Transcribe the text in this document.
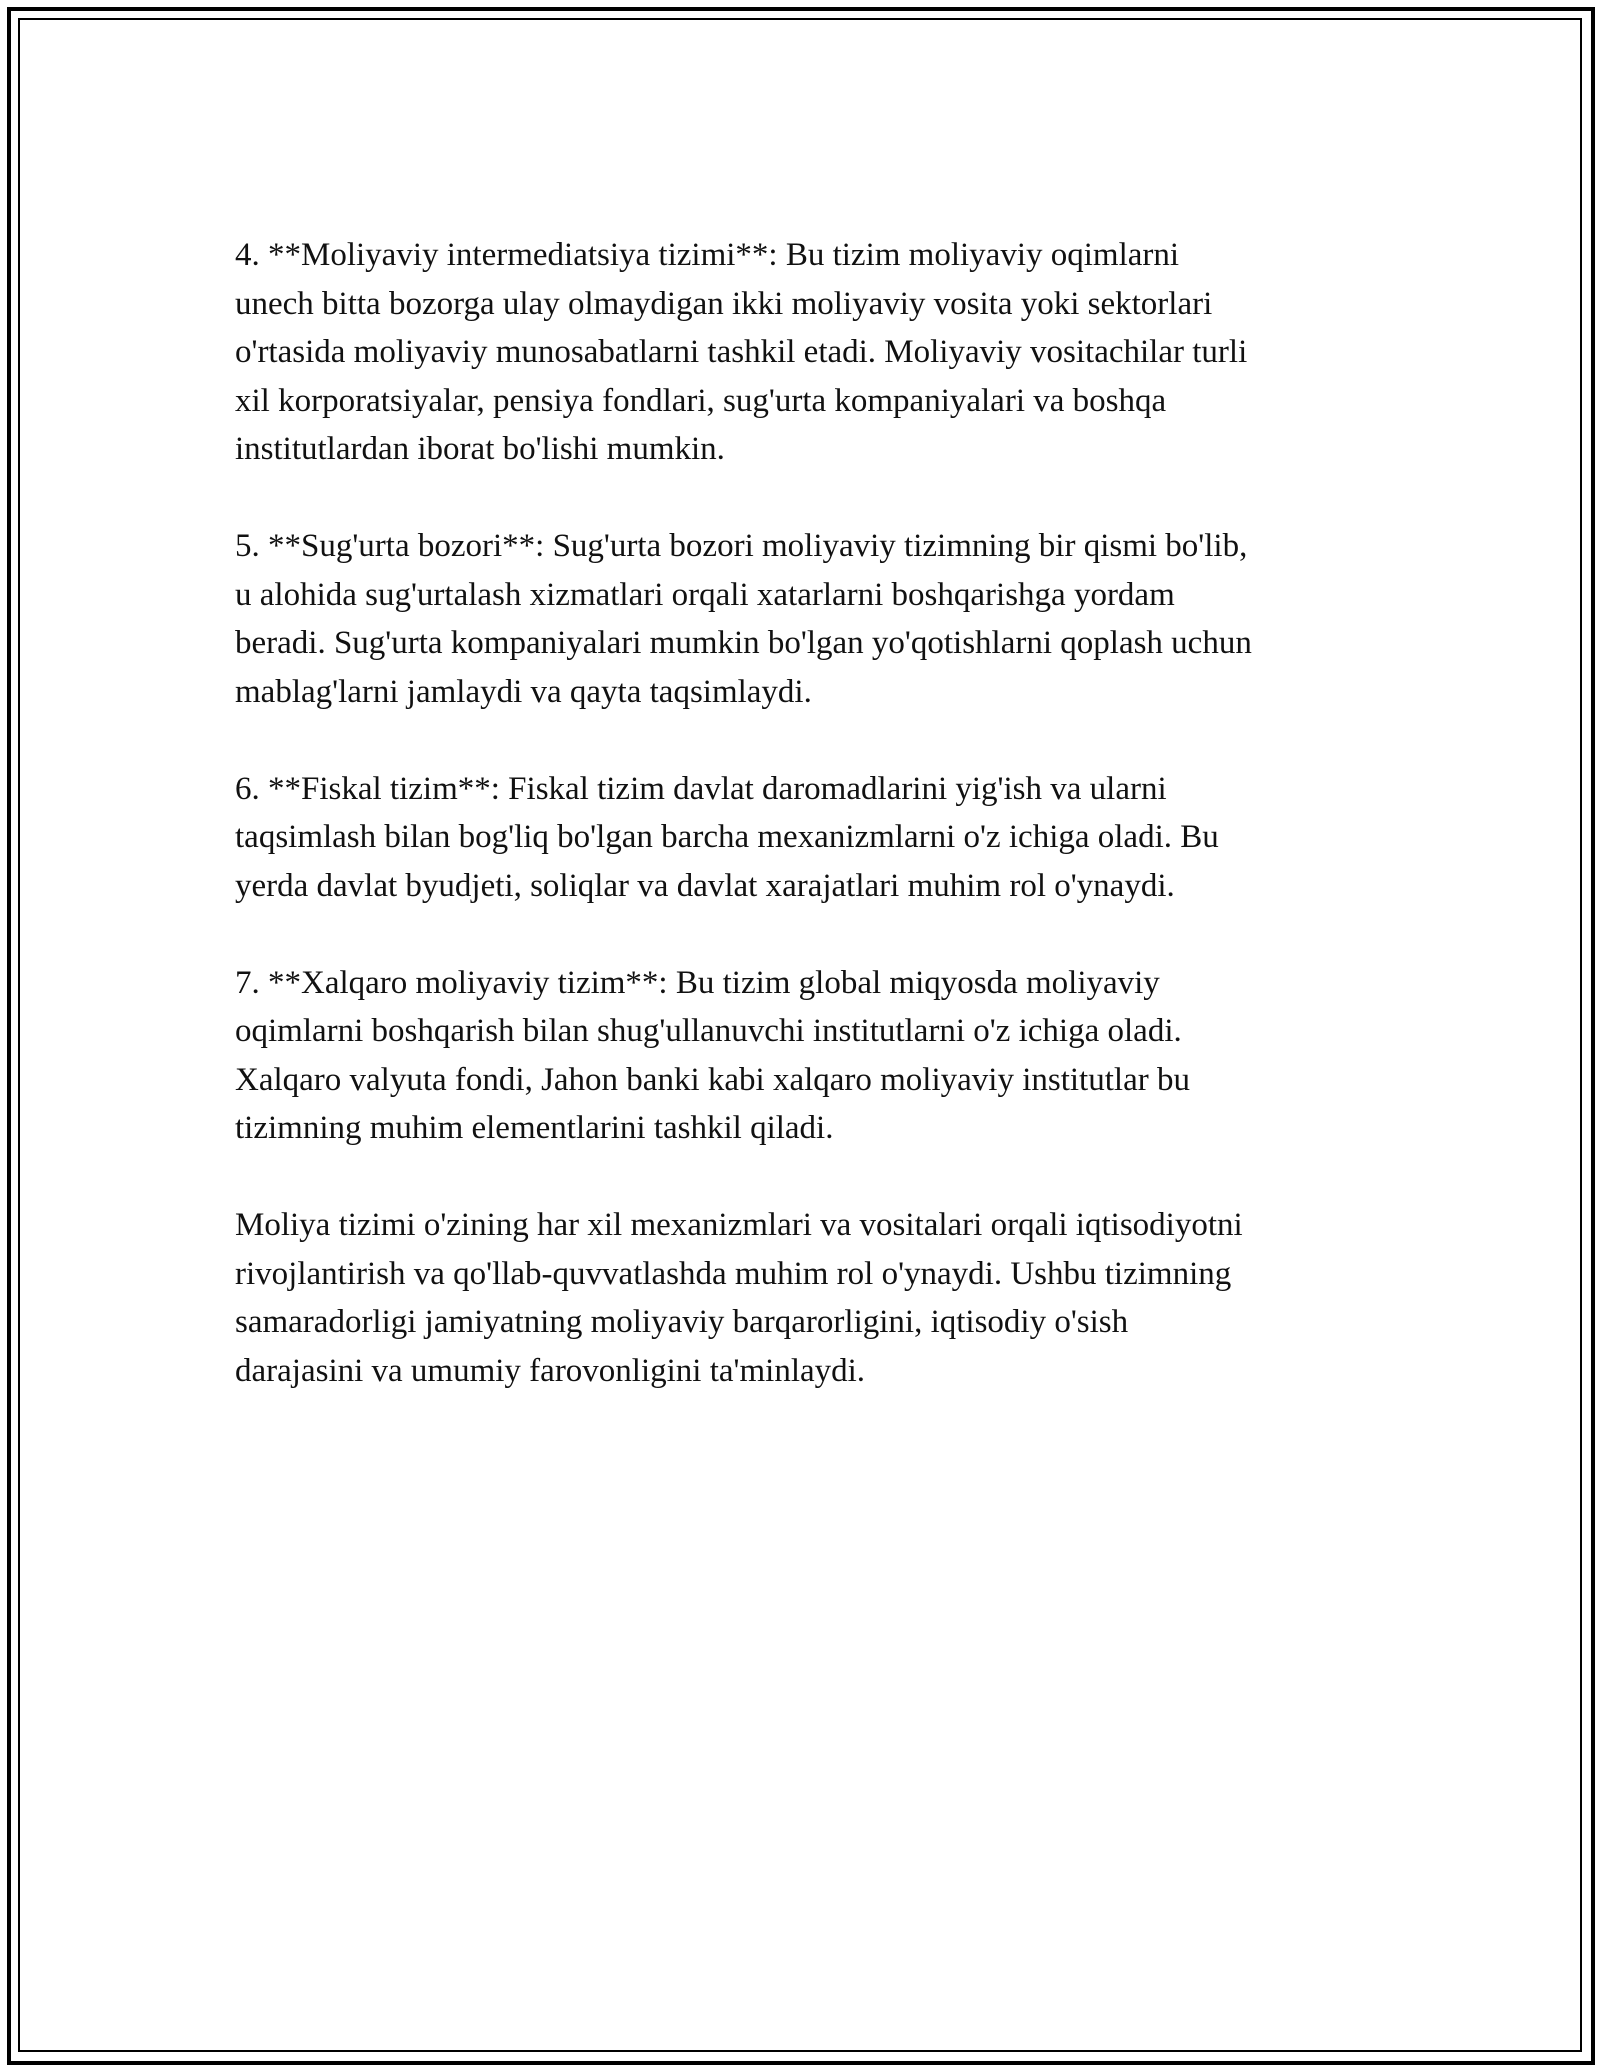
4. **Moliyaviy intermediatsiya tizimi**: Bu tizim moliyaviy oqimlarni
unech bitta bozorga ulay olmaydigan ikki moliyaviy vosita yoki sektorlari
o'rtasida moliyaviy munosabatlarni tashkil etadi. Moliyaviy vositachilar turli
xil korporatsiyalar, pensiya fondlari, sug'urta kompaniyalari va boshqa
institutlardan iborat bo'lishi mumkin.

5. **Sug'urta bozori**: Sug'urta bozori moliyaviy tizimning bir qismi bo'lib,
u alohida sug'urtalash xizmatlari orqali xatarlarni boshqarishga yordam
beradi. Sug'urta kompaniyalari mumkin bo'lgan yo'qotishlarni qoplash uchun
mablag'larni jamlaydi va qayta taqsimlaydi.

6. **Fiskal tizim**: Fiskal tizim davlat daromadlarini yig'ish va ularni
taqsimlash bilan bog'liq bo'lgan barcha mexanizmlarni o'z ichiga oladi. Bu
yerda davlat byudjeti, soliqlar va davlat xarajatlari muhim rol o'ynaydi.

7. **Xalqaro moliyaviy tizim**: Bu tizim global miqyosda moliyaviy
oqimlarni boshqarish bilan shug'ullanuvchi institutlarni o'z ichiga oladi.
Xalqaro valyuta fondi, Jahon banki kabi xalqaro moliyaviy institutlar bu
tizimning muhim elementlarini tashkil qiladi.

Moliya tizimi o'zining har xil mexanizmlari va vositalari orqali iqtisodiyotni
rivojlantirish va qo'llab-quvvatlashda muhim rol o'ynaydi. Ushbu tizimning
samaradorligi jamiyatning moliyaviy barqarorligini, iqtisodiy o'sish
darajasini va umumiy farovonligini ta'minlaydi.
